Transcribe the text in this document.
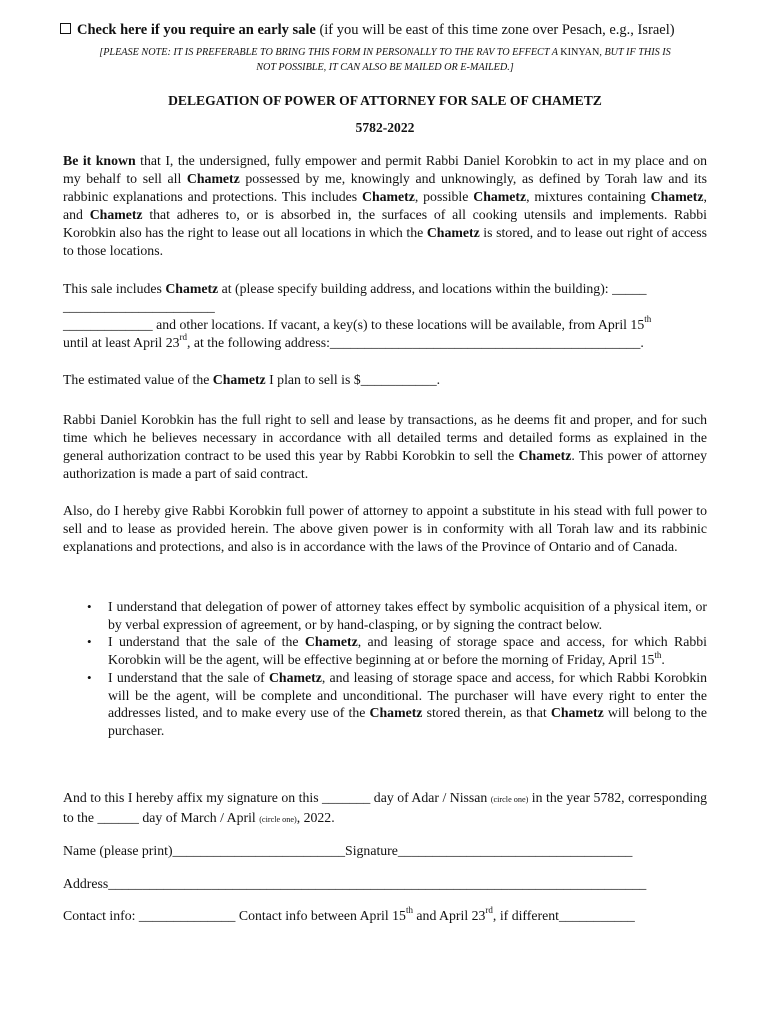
Check here if you require an early sale (if you will be east of this time zone over Pesach, e.g., Israel)
[PLEASE NOTE: IT IS PREFERABLE TO BRING THIS FORM IN PERSONALLY TO THE RAV TO EFFECT A KINYAN, BUT IF THIS IS
NOT POSSIBLE, IT CAN ALSO BE MAILED OR E-MAILED.]
DELEGATION OF POWER OF ATTORNEY FOR SALE OF CHAMETZ
5782-2022
Be it known that I, the undersigned, fully empower and permit Rabbi Daniel Korobkin to act in my place and on my behalf to sell all Chametz possessed by me, knowingly and unknowingly, as defined by Torah law and its rabbinic explanations and protections. This includes Chametz, possible Chametz, mixtures containing Chametz, and Chametz that adheres to, or is absorbed in, the surfaces of all cooking utensils and implements. Rabbi Korobkin also has the right to lease out all locations in which the Chametz is stored, and to lease out right of access to those locations.
This sale includes Chametz at (please specify building address, and locations within the building): _____
______________________
_____________ and other locations. If vacant, a key(s) to these locations will be available, from April 15th
until at least April 23rd, at the following address:_____________________________________________.
The estimated value of the Chametz I plan to sell is $___________.
Rabbi Daniel Korobkin has the full right to sell and lease by transactions, as he deems fit and proper, and for such time which he believes necessary in accordance with all detailed terms and detailed forms as explained in the general authorization contract to be used this year by Rabbi Korobkin to sell the Chametz. This power of attorney authorization is made a part of said contract.
Also, do I hereby give Rabbi Korobkin full power of attorney to appoint a substitute in his stead with full power to sell and to lease as provided herein. The above given power is in conformity with all Torah law and its rabbinic explanations and protections, and also is in accordance with the laws of the Province of Ontario and of Canada.
• I understand that delegation of power of attorney takes effect by symbolic acquisition of a physical item, or by verbal expression of agreement, or by hand-clasping, or by signing the contract below.
• I understand that the sale of the Chametz, and leasing of storage space and access, for which Rabbi Korobkin will be the agent, will be effective beginning at or before the morning of Friday, April 15th.
• I understand that the sale of Chametz, and leasing of storage space and access, for which Rabbi Korobkin will be the agent, will be complete and unconditional. The purchaser will have every right to enter the addresses listed, and to make every use of the Chametz stored therein, as that Chametz will belong to the purchaser.
And to this I hereby affix my signature on this _______ day of Adar / Nissan (circle one) in the year 5782, corresponding to the ______ day of March / April (circle one), 2022.
Name (please print)_________________________Signature__________________________________
Address______________________________________________________________________________
Contact info: ______________ Contact info between April 15th and April 23rd, if different___________
